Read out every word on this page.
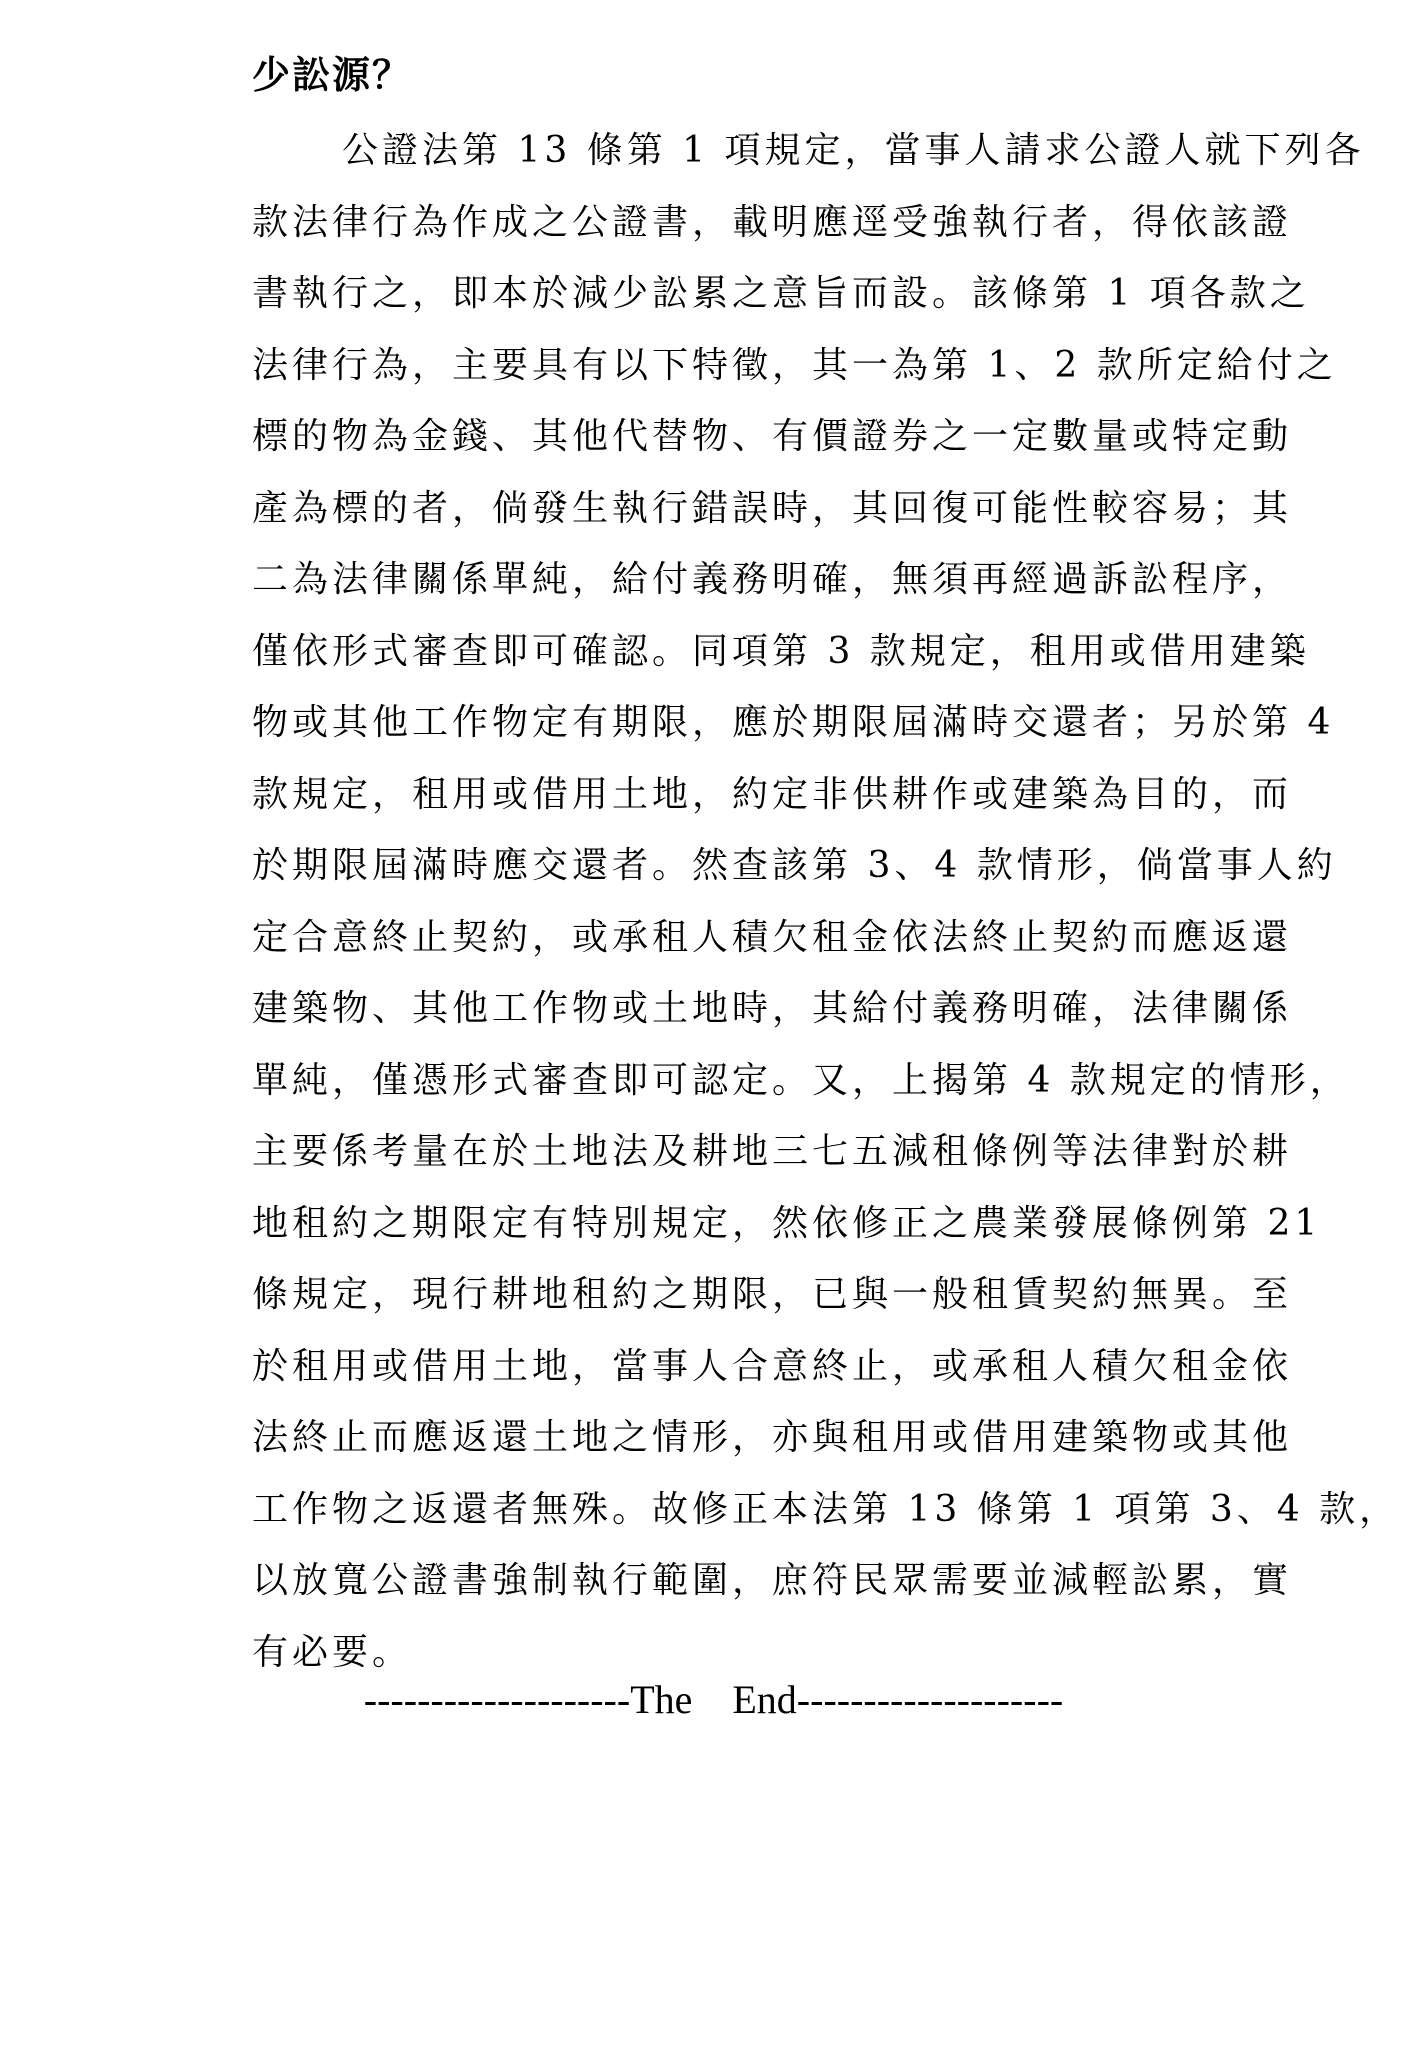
少訟源？
公證法第 13 條第 1 項規定，當事人請求公證人就下列各
款法律行為作成之公證書，載明應逕受強執行者，得依該證
書執行之，即本於減少訟累之意旨而設。該條第 1 項各款之
法律行為，主要具有以下特徵，其一為第 1、2 款所定給付之
標的物為金錢、其他代替物、有價證券之一定數量或特定動
產為標的者，倘發生執行錯誤時，其回復可能性較容易；其
二為法律關係單純，給付義務明確，無須再經過訴訟程序，
僅依形式審查即可確認。同項第 3 款規定，租用或借用建築
物或其他工作物定有期限，應於期限屆滿時交還者；另於第 4
款規定，租用或借用土地，約定非供耕作或建築為目的，而
於期限屆滿時應交還者。然查該第 3、4 款情形，倘當事人約
定合意終止契約，或承租人積欠租金依法終止契約而應返還
建築物、其他工作物或土地時，其給付義務明確，法律關係
單純，僅憑形式審查即可認定。又，上揭第 4 款規定的情形，
主要係考量在於土地法及耕地三七五減租條例等法律對於耕
地租約之期限定有特別規定，然依修正之農業發展條例第 21
條規定，現行耕地租約之期限，已與一般租賃契約無異。至
於租用或借用土地，當事人合意終止，或承租人積欠租金依
法終止而應返還土地之情形，亦與租用或借用建築物或其他
工作物之返還者無殊。故修正本法第 13 條第 1 項第 3、4 款，
以放寬公證書強制執行範圍，庶符民眾需要並減輕訟累，實
有必要。
--------------------The    End--------------------
